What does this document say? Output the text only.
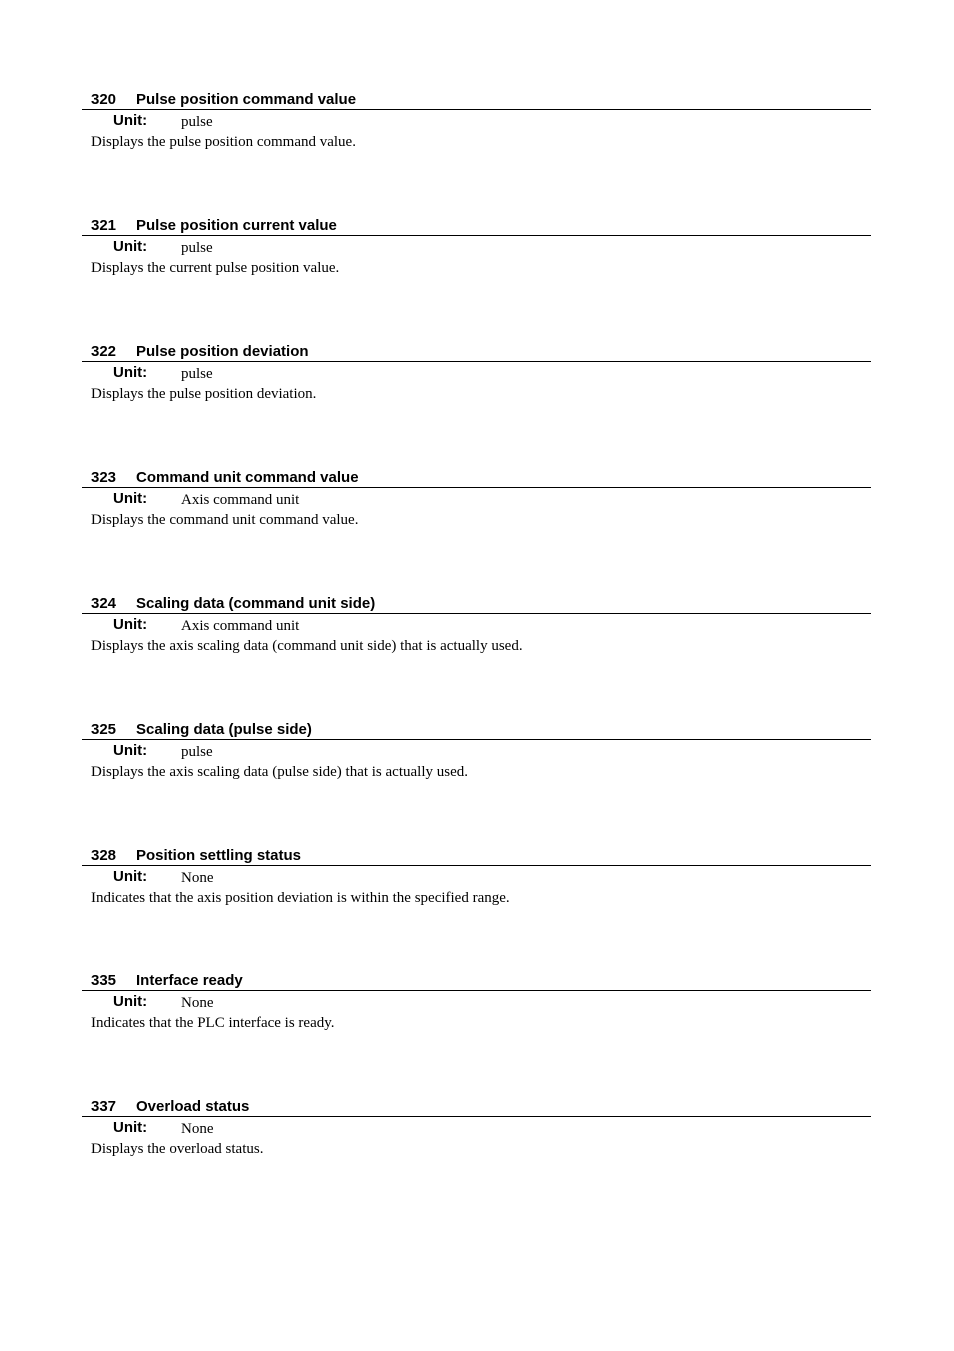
320 Pulse position command value
Unit: pulse
Displays the pulse position command value.
321 Pulse position current value
Unit: pulse
Displays the current pulse position value.
322 Pulse position deviation
Unit: pulse
Displays the pulse position deviation.
323 Command unit command value
Unit: Axis command unit
Displays the command unit command value.
324 Scaling data (command unit side)
Unit: Axis command unit
Displays the axis scaling data (command unit side) that is actually used.
325 Scaling data (pulse side)
Unit: pulse
Displays the axis scaling data (pulse side) that is actually used.
328 Position settling status
Unit: None
Indicates that the axis position deviation is within the specified range.
335 Interface ready
Unit: None
Indicates that the PLC interface is ready.
337 Overload status
Unit: None
Displays the overload status.
